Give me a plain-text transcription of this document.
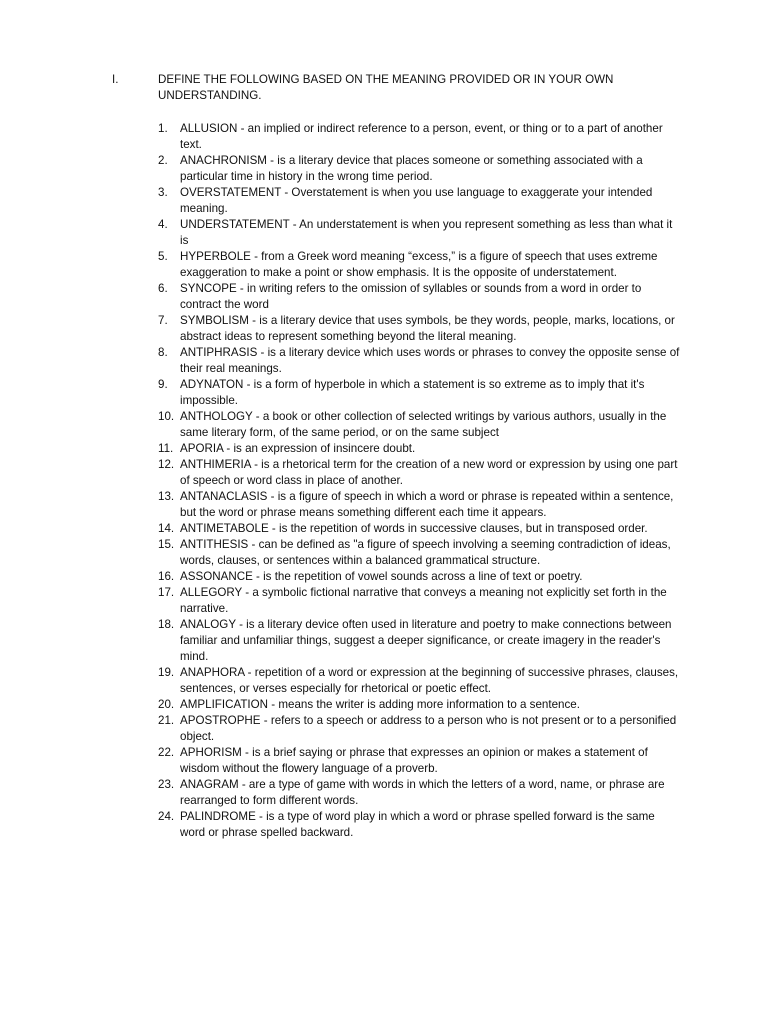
I.	DEFINE THE FOLLOWING BASED ON THE MEANING PROVIDED OR IN YOUR OWN UNDERSTANDING.
1.	ALLUSION - an implied or indirect reference to a person, event, or thing or to a part of another text.
2.	ANACHRONISM - is a literary device that places someone or something associated with a particular time in history in the wrong time period.
3.	OVERSTATEMENT - Overstatement is when you use language to exaggerate your intended meaning.
4.	UNDERSTATEMENT - An understatement is when you represent something as less than what it is
5.	HYPERBOLE - from a Greek word meaning “excess,” is a figure of speech that uses extreme exaggeration to make a point or show emphasis. It is the opposite of understatement.
6.	SYNCOPE - in writing refers to the omission of syllables or sounds from a word in order to contract the word
7.	SYMBOLISM - is a literary device that uses symbols, be they words, people, marks, locations, or abstract ideas to represent something beyond the literal meaning.
8.	ANTIPHRASIS - is a literary device which uses words or phrases to convey the opposite sense of their real meanings.
9.	ADYNATON - is a form of hyperbole in which a statement is so extreme as to imply that it's impossible.
10. ANTHOLOGY - a book or other collection of selected writings by various authors, usually in the same literary form, of the same period, or on the same subject
11. APORIA - is an expression of insincere doubt.
12. ANTHIMERIA - is a rhetorical term for the creation of a new word or expression by using one part of speech or word class in place of another.
13. ANTANACLASIS - is a figure of speech in which a word or phrase is repeated within a sentence, but the word or phrase means something different each time it appears.
14. ANTIMETABOLE - is the repetition of words in successive clauses, but in transposed order.
15. ANTITHESIS - can be defined as "a figure of speech involving a seeming contradiction of ideas, words, clauses, or sentences within a balanced grammatical structure.
16. ASSONANCE - is the repetition of vowel sounds across a line of text or poetry.
17. ALLEGORY - a symbolic fictional narrative that conveys a meaning not explicitly set forth in the narrative.
18. ANALOGY - is a literary device often used in literature and poetry to make connections between familiar and unfamiliar things, suggest a deeper significance, or create imagery in the reader's mind.
19. ANAPHORA - repetition of a word or expression at the beginning of successive phrases, clauses, sentences, or verses especially for rhetorical or poetic effect.
20. AMPLIFICATION - means the writer is adding more information to a sentence.
21. APOSTROPHE - refers to a speech or address to a person who is not present or to a personified object.
22. APHORISM - is a brief saying or phrase that expresses an opinion or makes a statement of wisdom without the flowery language of a proverb.
23. ANAGRAM - are a type of game with words in which the letters of a word, name, or phrase are rearranged to form different words.
24. PALINDROME - is a type of word play in which a word or phrase spelled forward is the same word or phrase spelled backward.
